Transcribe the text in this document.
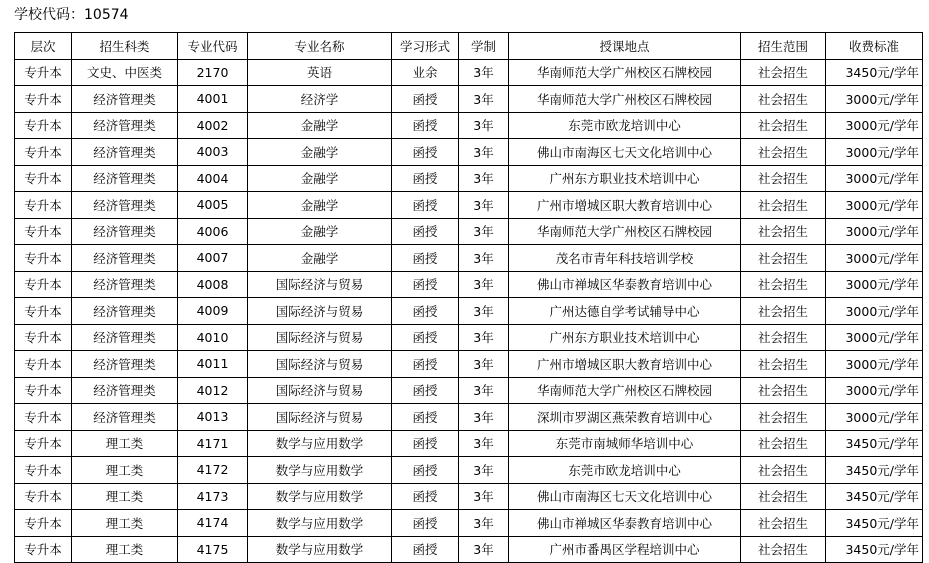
学校代码：10574
层次	招生科类	专业代码	专业名称	学习形式	学制	授课地点	招生范围	收费标准
专升本	文史、中医类	2170	英语	业余	3年	华南师范大学广州校区石牌校园	社会招生	3450元/学年
专升本	经济管理类	4001	经济学	函授	3年	华南师范大学广州校区石牌校园	社会招生	3000元/学年
专升本	经济管理类	4002	金融学	函授	3年	东莞市欧龙培训中心	社会招生	3000元/学年
专升本	经济管理类	4003	金融学	函授	3年	佛山市南海区七天文化培训中心	社会招生	3000元/学年
专升本	经济管理类	4004	金融学	函授	3年	广州东方职业技术培训中心	社会招生	3000元/学年
专升本	经济管理类	4005	金融学	函授	3年	广州市增城区职大教育培训中心	社会招生	3000元/学年
专升本	经济管理类	4006	金融学	函授	3年	华南师范大学广州校区石牌校园	社会招生	3000元/学年
专升本	经济管理类	4007	金融学	函授	3年	茂名市青年科技培训学校	社会招生	3000元/学年
专升本	经济管理类	4008	国际经济与贸易	函授	3年	佛山市禅城区华泰教育培训中心	社会招生	3000元/学年
专升本	经济管理类	4009	国际经济与贸易	函授	3年	广州达德自学考试辅导中心	社会招生	3000元/学年
专升本	经济管理类	4010	国际经济与贸易	函授	3年	广州东方职业技术培训中心	社会招生	3000元/学年
专升本	经济管理类	4011	国际经济与贸易	函授	3年	广州市增城区职大教育培训中心	社会招生	3000元/学年
专升本	经济管理类	4012	国际经济与贸易	函授	3年	华南师范大学广州校区石牌校园	社会招生	3000元/学年
专升本	经济管理类	4013	国际经济与贸易	函授	3年	深圳市罗湖区燕荣教育培训中心	社会招生	3000元/学年
专升本	理工类	4171	数学与应用数学	函授	3年	东莞市南城师华培训中心	社会招生	3450元/学年
专升本	理工类	4172	数学与应用数学	函授	3年	东莞市欧龙培训中心	社会招生	3450元/学年
专升本	理工类	4173	数学与应用数学	函授	3年	佛山市南海区七天文化培训中心	社会招生	3450元/学年
专升本	理工类	4174	数学与应用数学	函授	3年	佛山市禅城区华泰教育培训中心	社会招生	3450元/学年
专升本	理工类	4175	数学与应用数学	函授	3年	广州市番禺区学程培训中心	社会招生	3450元/学年
